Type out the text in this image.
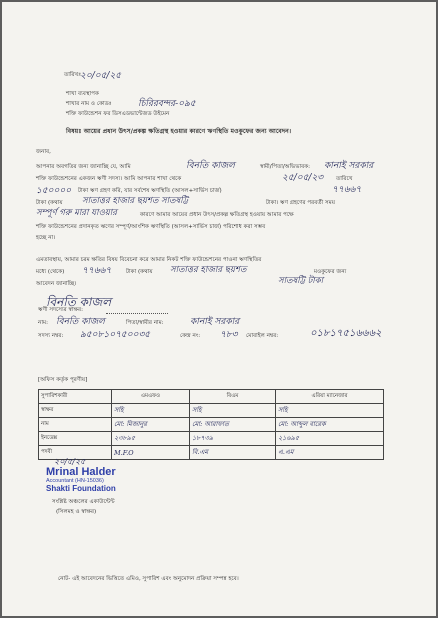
তারিখঃ
২০/০৫/২৫
শাখা ব্যবস্থাপক
শাখার নাম ও কোডঃ	চিরিরবন্দর-০৯৫
শক্তি ফাউন্ডেশন ফর ডিসএডভান্টেজড উইমেন
বিষয়ঃ আয়ের প্রধান উৎস/প্রকল্প ক্ষতিগ্রস্থ হওয়ার কারণে ঋণস্থিতি মওকুফের জন্য আবেদন।
জনাব,
আপনার অবগতির জন্য জানাচ্ছি যে, আমি	বিনতি কাজল	স্বামী/পিতা/অভিভাবক: কানাই সরকার
শক্তি ফাউন্ডেশনের একজন ঋণী সদস্য। আমি আপনার শাখা থেকে	২৫/০৫/২৩ তারিখে
১৫০০০০ টাকা ঋণ গ্রহণ করি, যার সর্বশেষ ঋণস্থিতি (আসল+সার্ভিস চার্জ)	৭৭৬৬৭
টাকা (কথায় সাতাত্তর হাজার ছয়শত সাতষট্টি	টাকা। ঋণ গ্রহণের পরবর্তী সময়
সম্পূর্ণ গরু মারা যাওয়ার	কারণে আমার আয়ের প্রধান উৎস/প্রকল্প ক্ষতিগ্রস্থ হওয়ায় আমার পক্ষে
শক্তি ফাউন্ডেশনের প্রদানকৃত ঋণের সম্পূর্ণ/আংশিক ঋণস্থিতি (আসল+সার্ভিস চার্জ) পরিশোধ করা সম্ভব
হচ্ছে না।
এমতাবস্থায়, আমার চরম ক্ষতির বিষয় বিবেচনা করে আমার নিকট শক্তি ফাউন্ডেশনের পাওনা ঋণস্থিতির
মধ্যে (থেকে) ৭৭৬৬৭	টাকা (কথায় সাতাত্তর হাজার ছয়শত	মওকুফের জন্য
সাতষট্টি টাকা
আবেদন জানাচ্ছি।
বিনতি কাজল
ঋণী সদস্যের স্বাক্ষর:
নাম: বিনতি কাজল	পিতা/স্বামীর নাম:	কানাই সরকার
সদস্য নম্বর: ৯৫০৮১০৭৫০০৩৫	কেন্দ্র নং: ৭৮৩ মোবাইল নম্বর:	০১৮১৭৫১৬৬৬২
[অফিস কর্তৃক পূরণীয়]
সুপারিশকারী	এমএফও	বিএম	এরিয়া ম্যানেজার
স্বাক্ষর	সহি	সহি	সহি
নাম	মো: মিজানুর	মো: আরাফাত	মো: আব্দুল বারেক
ইনডেক্স	২৩৮৯৫	১৮৭৩৯	২১৬৯৫
পদবী	M.F.O	বি.এম	এ.এম
২০/৫/২৫
Mrinal Halder
Accountant (HN-15036)
Shakti Foundation
সংশ্লিষ্ট অঞ্চলের একাউন্টেন্ট
(সিলমহ ও স্বাক্ষর)
নোট- এই আবেদনের ভিত্তিতে এমিও, সুপারিশ এবং অনুমোদন প্রক্রিয়া সম্পন্ন হবে।
